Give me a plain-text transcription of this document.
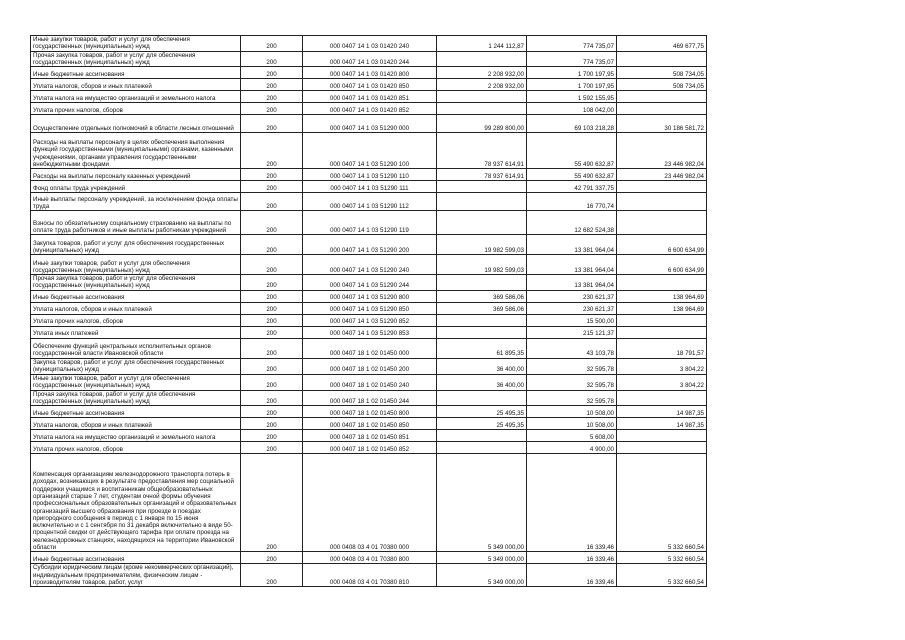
Иные закупки товаров, работ и услуг для обеспечения государственных (муниципальных) нужд	200	000 0407 14 1 03 01420 240	1 244 112,87	774 735,07	469 677,75
Прочая закупка товаров, работ и услуг для обеспечения государственных (муниципальных) нужд	200	000 0407 14 1 03 01420 244		774 735,07	
Иные бюджетные ассигнования	200	000 0407 14 1 03 01420 800	2 208 932,00	1 700 197,95	508 734,05
Уплата налогов, сборов и иных платежей	200	000 0407 14 1 03 01420 850	2 208 932,00	1 700 197,95	508 734,05
Уплата налога на имущество организаций и земельного налога	200	000 0407 14 1 03 01420 851		1 592 155,95	
Уплата прочих налогов, сборов	200	000 0407 14 1 03 01420 852		108 042,00	
Осуществление отдельных полномочий в области лесных отношений	200	000 0407 14 1 03 51290 000	99 289 800,00	69 103 218,28	30 186 581,72
Расходы на выплаты персоналу в целях обеспечения выполнения функций государственными (муниципальными) органами, казенными учреждениями, органами управления государственными внебюджетными фондами	200	000 0407 14 1 03 51290 100	78 937 614,91	55 490 632,87	23 446 982,04
Расходы на выплаты персоналу казенных учреждений	200	000 0407 14 1 03 51290 110	78 937 614,91	55 490 632,87	23 446 982,04
Фонд оплаты труда учреждений	200	000 0407 14 1 03 51290 111		42 791 337,75	
Иные выплаты персоналу учреждений, за исключением фонда оплаты труда	200	000 0407 14 1 03 51290 112		16 770,74	
Взносы по обязательному социальному страхованию на выплаты по оплате труда работников и иные выплаты работникам учреждений	200	000 0407 14 1 03 51290 119		12 682 524,38	
Закупка товаров, работ и услуг для обеспечения государственных (муниципальных) нужд	200	000 0407 14 1 03 51290 200	19 982 599,03	13 381 964,04	6 600 634,99
Иные закупки товаров, работ и услуг для обеспечения государственных (муниципальных) нужд	200	000 0407 14 1 03 51290 240	19 982 599,03	13 381 964,04	6 600 634,99
Прочая закупка товаров, работ и услуг для обеспечения государственных (муниципальных) нужд	200	000 0407 14 1 03 51290 244		13 381 964,04	
Иные бюджетные ассигнования	200	000 0407 14 1 03 51290 800	369 586,06	230 621,37	138 964,69
Уплата налогов, сборов и иных платежей	200	000 0407 14 1 03 51290 850	369 586,06	230 621,37	138 964,69
Уплата прочих налогов, сборов	200	000 0407 14 1 03 51290 852		15 500,00	
Уплата иных платежей	200	000 0407 14 1 03 51290 853		215 121,37	
Обеспечение функций центральных исполнительных органов государственной власти Ивановской области	200	000 0407 18 1 02 01450 000	61 895,35	43 103,78	18 791,57
Закупка товаров, работ и услуг для обеспечения государственных (муниципальных) нужд	200	000 0407 18 1 02 01450 200	36 400,00	32 595,78	3 804,22
Иные закупки товаров, работ и услуг для обеспечения государственных (муниципальных) нужд	200	000 0407 18 1 02 01450 240	36 400,00	32 595,78	3 804,22
Прочая закупка товаров, работ и услуг для обеспечения государственных (муниципальных) нужд	200	000 0407 18 1 02 01450 244		32 595,78	
Иные бюджетные ассигнования	200	000 0407 18 1 02 01450 800	25 495,35	10 508,00	14 987,35
Уплата налогов, сборов и иных платежей	200	000 0407 18 1 02 01450 850	25 495,35	10 508,00	14 987,35
Уплата налога на имущество организаций и земельного налога	200	000 0407 18 1 02 01450 851		5 608,00	
Уплата прочих налогов, сборов	200	000 0407 18 1 02 01450 852		4 900,00	
Компенсация организациям железнодорожного транспорта потерь в доходах, возникающих в результате предоставления мер социальной поддержки учащимся и воспитанникам общеобразовательных организаций старше 7 лет, студентам очной формы обучения профессиональных образовательных организаций и образовательных организаций высшего образования при проезде в поездах пригородного сообщения в период с 1 января по 15 июня включительно и с 1 сентября по 31 декабря включительно в виде 50-процентной скидки от действующего тарифа при оплате проезда на железнодорожных станциях, находящихся на территории Ивановской области	200	000 0408 03 4 01 70380 000	5 349 000,00	16 339,46	5 332 660,54
Иные бюджетные ассигнования	200	000 0408 03 4 01 70380 800	5 349 000,00	16 339,46	5 332 660,54
Субсидии юридическим лицам (кроме некоммерческих организаций), индивидуальным предпринимателям, физическим лицам - производителям товаров, работ, услуг	200	000 0408 03 4 01 70380 810	5 349 000,00	16 339,46	5 332 660,54
